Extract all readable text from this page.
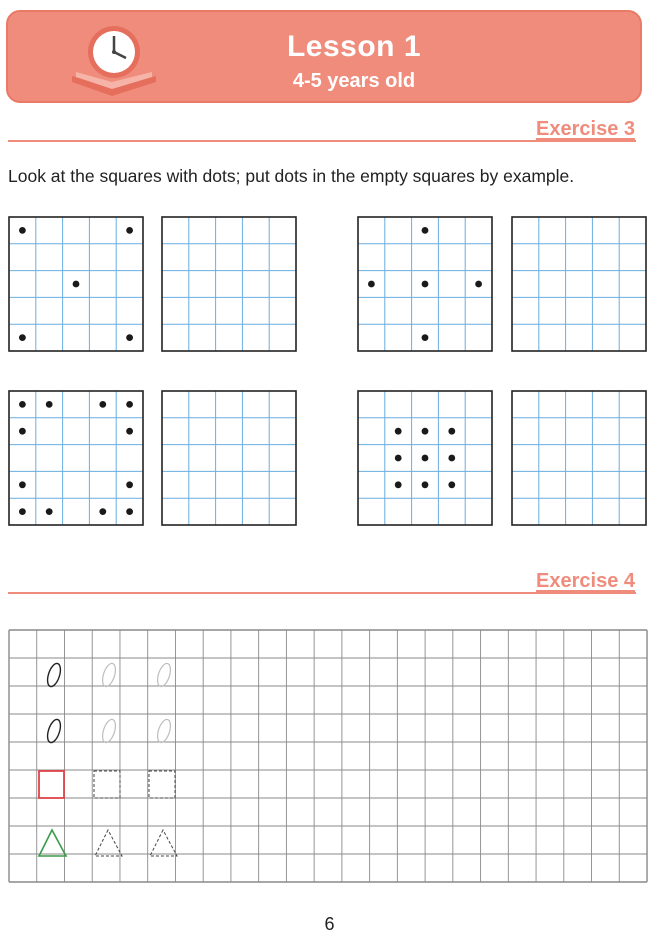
Lesson 1
4-5 years old
Exercise 3
Look at the squares with dots; put dots in the empty squares by example.
Exercise 4
6
